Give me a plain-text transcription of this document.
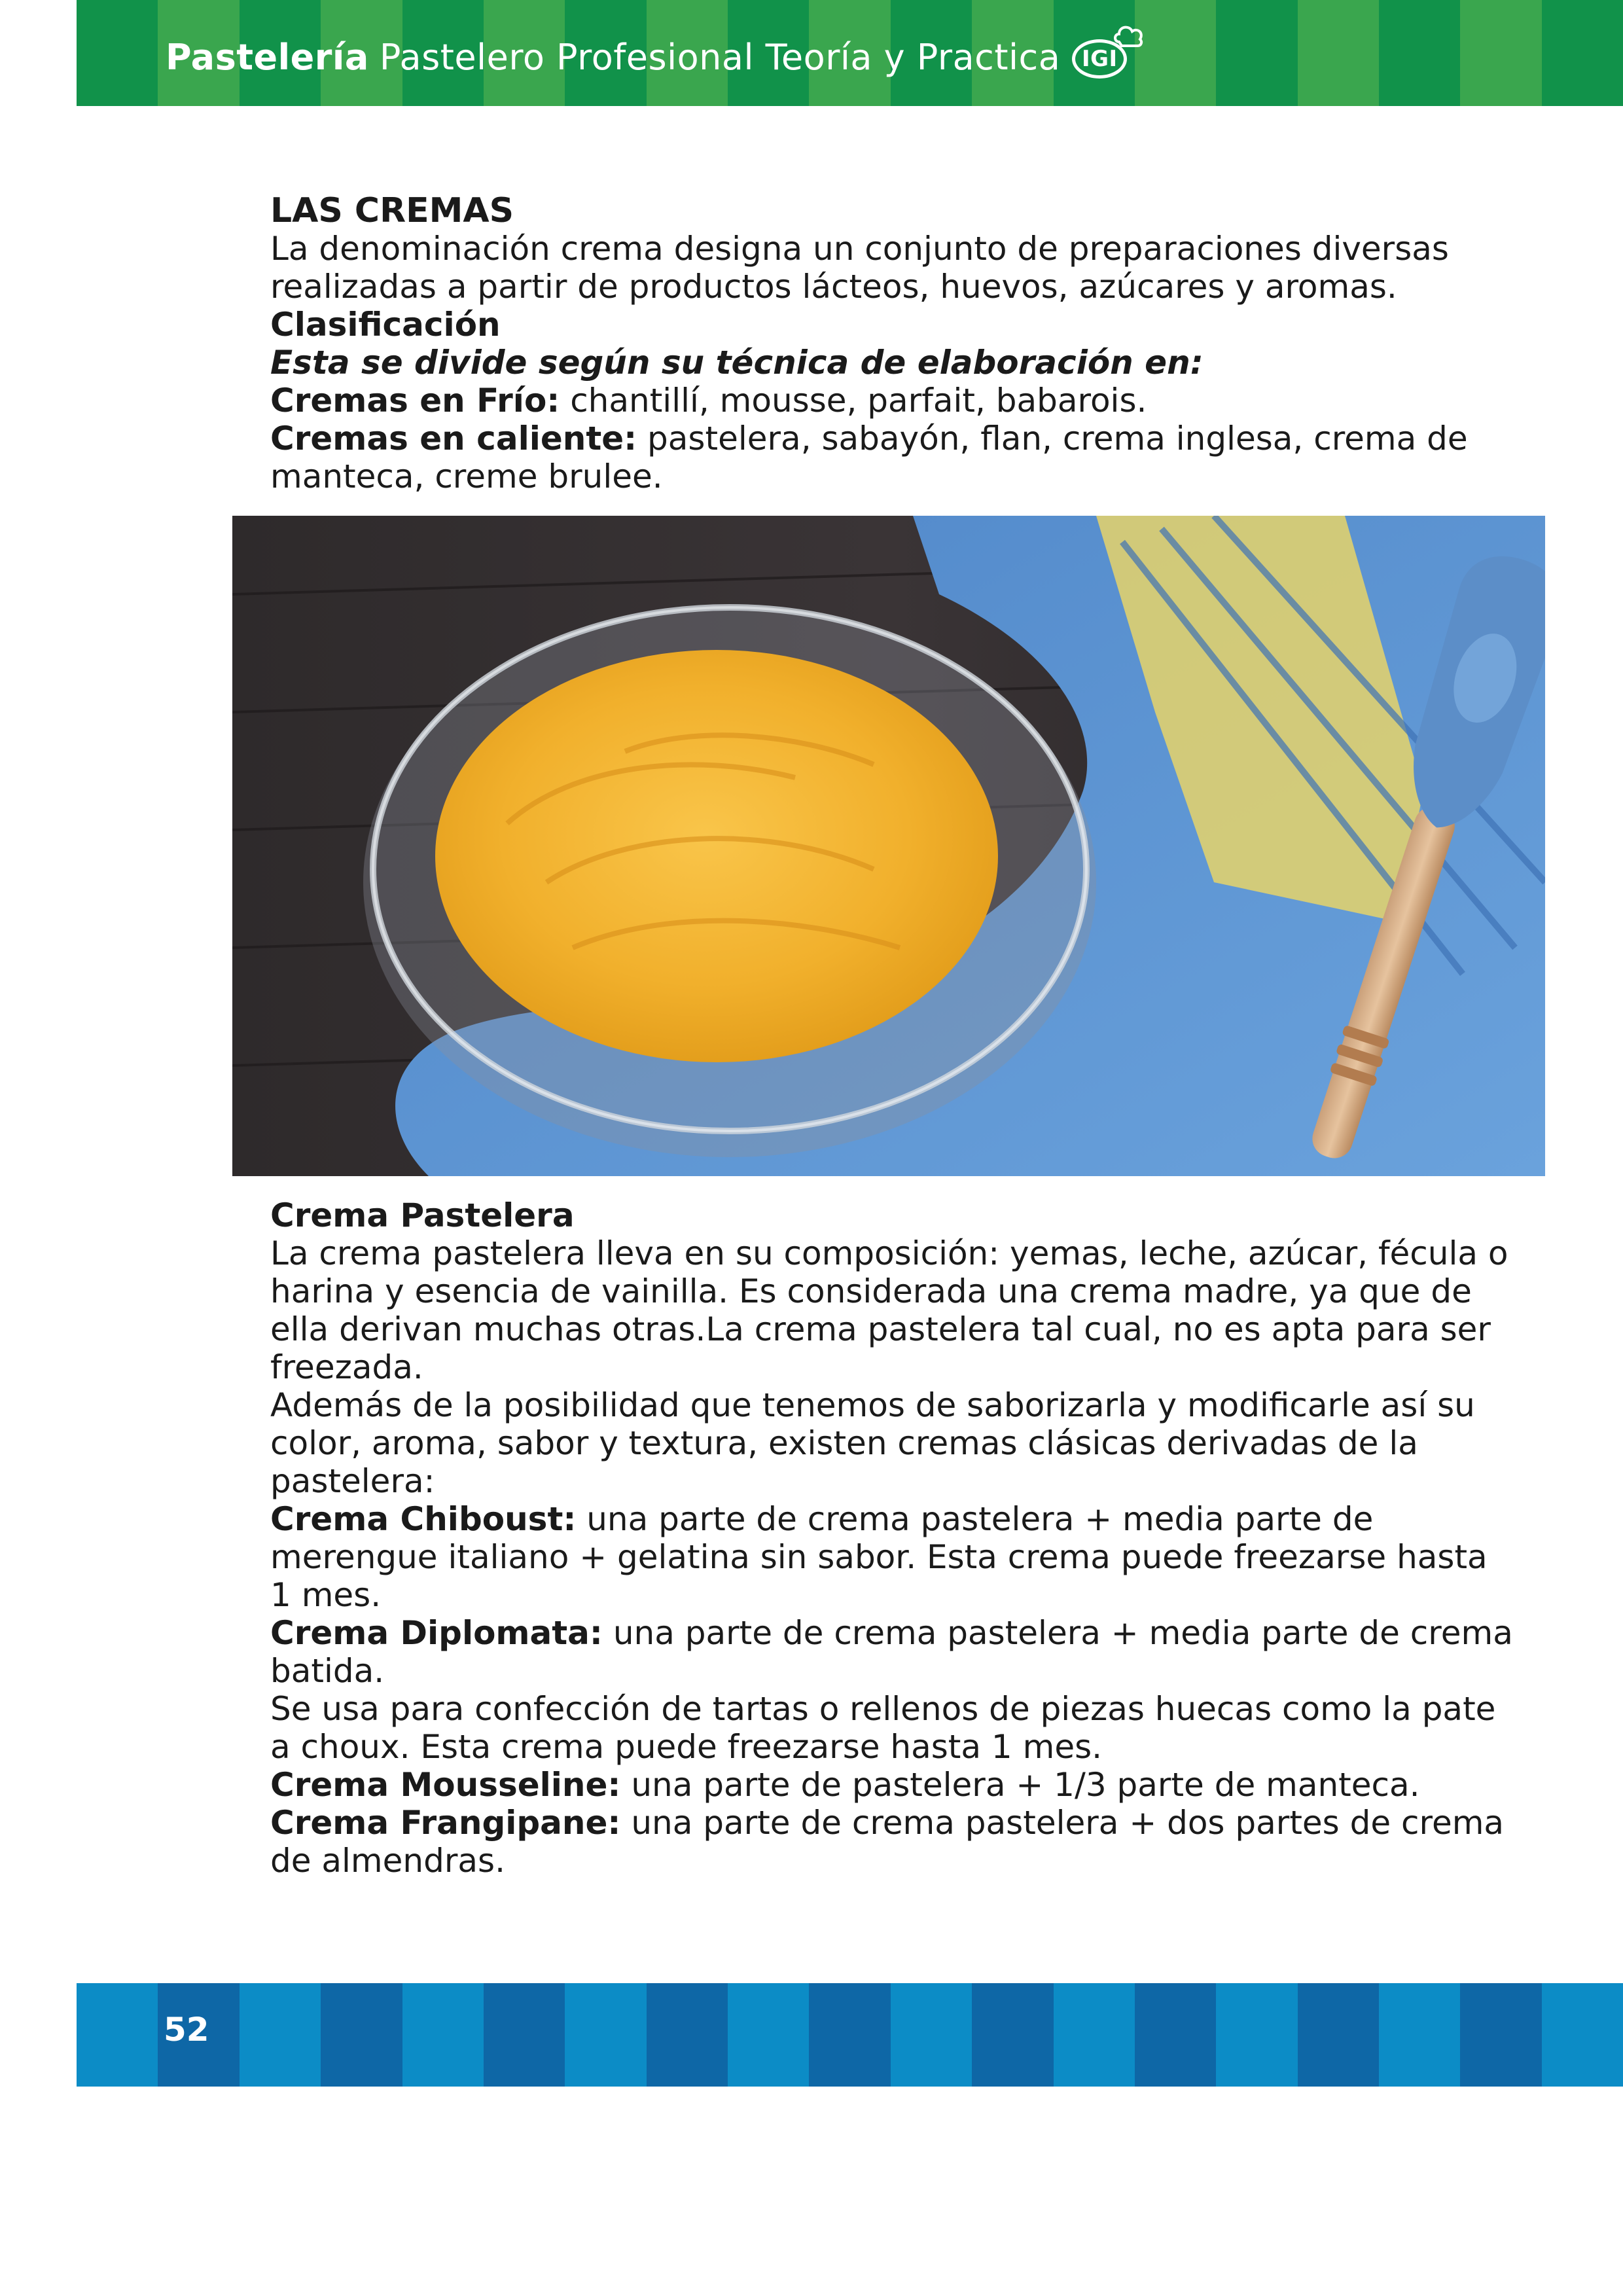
Pastelería Pastelero Profesional Teoría y Practica IGI

LAS CREMAS

La denominación crema designa un conjunto de preparaciones diversas realizadas a partir de productos lácteos, huevos, azúcares y aromas.

Clasificación

Esta se divide según su técnica de elaboración en:

Cremas en Frío: chantillí, mousse, parfait, babarois.

Cremas en caliente: pastelera, sabayón, flan, crema inglesa, crema de manteca, creme brulee.

Crema Pastelera

La crema pastelera lleva en su composición: yemas, leche, azúcar, fécula o harina y esencia de vainilla. Es considerada una crema madre, ya que de ella derivan muchas otras.La crema pastelera tal cual, no es apta para ser freezada.

Además de la posibilidad que tenemos de saborizarla y modificarle así su color, aroma, sabor y textura, existen cremas clásicas derivadas de la pastelera:

Crema Chiboust: una parte de crema pastelera + media parte de merengue italiano + gelatina sin sabor. Esta crema puede freezarse hasta 1 mes.

Crema Diplomata: una parte de crema pastelera + media parte de crema batida.

Se usa para confección de tartas o rellenos de piezas huecas como la pate a choux. Esta crema puede freezarse hasta 1 mes.

Crema Mousseline: una parte de pastelera + 1/3 parte de manteca.

Crema Frangipane: una parte de crema pastelera + dos partes de crema de almendras.

52
